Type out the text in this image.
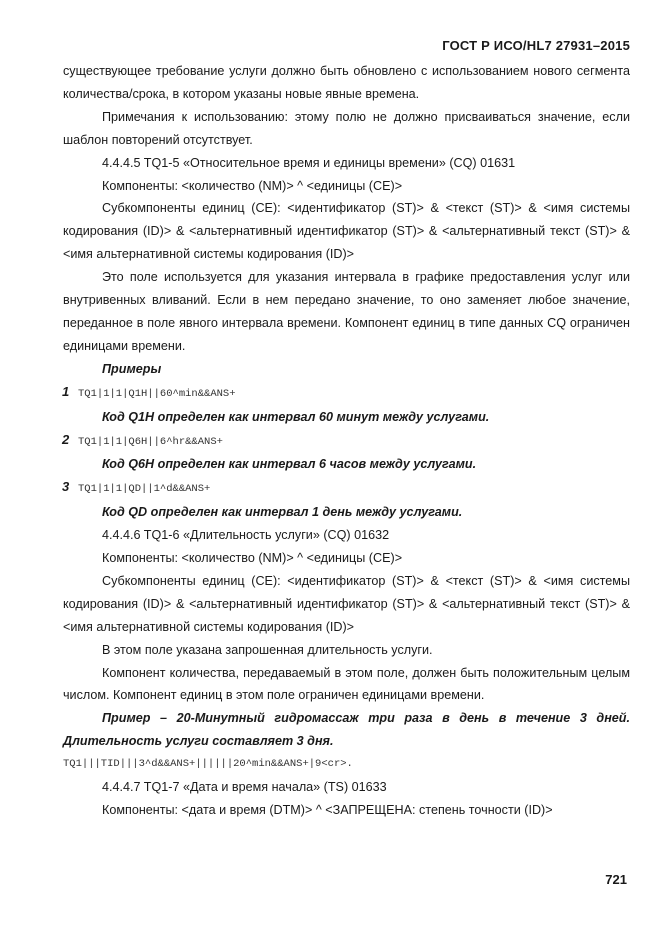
ГОСТ Р ИСО/HL7 27931–2015

существующее требование услуги должно быть обновлено с использованием нового сегмента количества/срока, в котором указаны новые явные времена.

Примечания к использованию: этому полю не должно присваиваться значение, если шаблон повторений отсутствует.

4.4.4.5 TQ1-5 «Относительное время и единицы времени» (CQ) 01631

Компоненты: <количество (NM)> ^ <единицы (CE)>

Субкомпоненты единиц (CE): <идентификатор (ST)> & <текст (ST)> & <имя системы кодирования (ID)> & <альтернативный идентификатор (ST)> & <альтернативный текст (ST)> & <имя альтернативной системы кодирования (ID)>

Это поле используется для указания интервала в графике предоставления услуг или внутривенных вливаний. Если в нем передано значение, то оно заменяет любое значение, переданное в поле явного интервала времени. Компонент единиц в типе данных CQ ограничен единицами времени.

Примеры

1 TQ1|1|1|Q1H||60^min&&ANS+

Код Q1H определен как интервал 60 минут между услугами.

2 TQ1|1|1|Q6H||6^hr&&ANS+

Код Q6H определен как интервал 6 часов между услугами.

3 TQ1|1|1|QD||1^d&&ANS+

Код QD определен как интервал 1 день между услугами.

4.4.4.6 TQ1-6 «Длительность услуги» (CQ) 01632

Компоненты: <количество (NM)> ^ <единицы (CE)>

Субкомпоненты единиц (CE): <идентификатор (ST)> & <текст (ST)> & <имя системы кодирования (ID)> & <альтернативный идентификатор (ST)> & <альтернативный текст (ST)> & <имя альтернативной системы кодирования (ID)>

В этом поле указана запрошенная длительность услуги.

Компонент количества, передаваемый в этом поле, должен быть положительным целым числом. Компонент единиц в этом поле ограничен единицами времени.

Пример – 20-Минутный гидромассаж три раза в день в течение 3 дней. Длительность услуги составляет 3 дня.

TQ1|||TID|||3^d&&ANS+||||||20^min&&ANS+|9<cr>.

4.4.4.7 TQ1-7 «Дата и время начала» (TS) 01633

Компоненты: <дата и время (DTM)> ^ <ЗАПРЕЩЕНА: степень точности (ID)>

721
